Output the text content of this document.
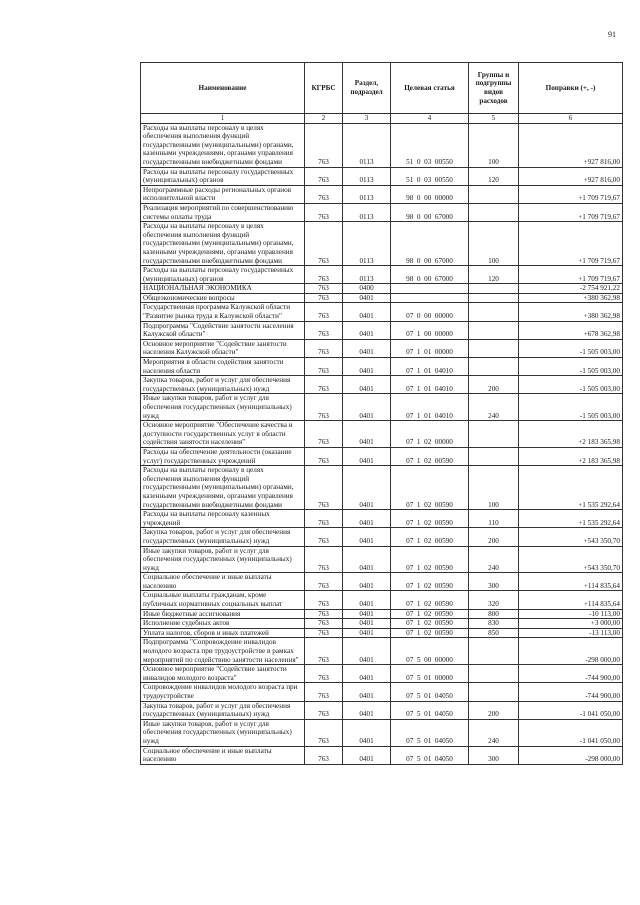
91
Наименование	КГРБС	Раздел, подраздел	Целевая статья	Группы и подгруппы видов расходов	Поправки (+, -)
1	2	3	4	5	6
Расходы на выплаты персоналу в целях обеспечения выполнения функций государственными (муниципальными) органами, казенными учреждениями, органами управления государственными внебюджетными фондами	763	0113	51  0  03  00550	100	+927 816,00
Расходы на выплаты персоналу государственных (муниципальных) органов	763	0113	51  0  03  00550	120	+927 816,00
Непрограммные расходы региональных органов исполнительной власти	763	0113	98  0  00  00000		+1 709 719,67
Реализация мероприятий по совершенствованию системы оплаты труда	763	0113	98  0  00  67000		+1 709 719,67
Расходы на выплаты персоналу в целях обеспечения выполнения функций государственными (муниципальными) органами, казенными учреждениями, органами управления государственными внебюджетными фондами	763	0113	98  0  00  67000	100	+1 709 719,67
Расходы на выплаты персоналу государственных (муниципальных) органов	763	0113	98  0  00  67000	120	+1 709 719,67
НАЦИОНАЛЬНАЯ ЭКОНОМИКА	763	0400			-2 754 921,22
Общеэкономические вопросы	763	0401			+380 362,98
Государственная программа Калужской области "Развитие рынка труда в Калужской области"	763	0401	07  0  00  00000		+380 362,98
Подпрограмма "Содействие занятости населения Калужской области"	763	0401	07  1  00  00000		+678 362,98
Основное мероприятие "Содействие занятости населения Калужской области"	763	0401	07  1  01  00000		-1 505 003,00
Мероприятия в области содействия занятости населения области	763	0401	07  1  01  04010		-1 505 003,00
Закупка товаров, работ и услуг для обеспечения государственных (муниципальных) нужд	763	0401	07  1  01  04010	200	-1 505 003,00
Иные закупки товаров, работ и услуг для обеспечения государственных (муниципальных) нужд	763	0401	07  1  01  04010	240	-1 505 003,00
Основное мероприятие "Обеспечение качества и доступности государственных услуг в области содействия занятости населения"	763	0401	07  1  02  00000		+2 183 365,98
Расходы на обеспечение деятельности (оказание услуг) государственных учреждений	763	0401	07  1  02  00590		+2 183 365,98
Расходы на выплаты персоналу в целях обеспечения выполнения функций государственными (муниципальными) органами, казенными учреждениями, органами управления государственными внебюджетными фондами	763	0401	07  1  02  00590	100	+1 535 292,64
Расходы на выплаты персоналу казенных учреждений	763	0401	07  1  02  00590	110	+1 535 292,64
Закупка товаров, работ и услуг для обеспечения государственных (муниципальных) нужд	763	0401	07  1  02  00590	200	+543 350,70
Иные закупки товаров, работ и услуг для обеспечения государственных (муниципальных) нужд	763	0401	07  1  02  00590	240	+543 350,70
Социальное обеспечение и иные выплаты населению	763	0401	07  1  02  00590	300	+114 835,64
Социальные выплаты гражданам, кроме публичных нормативных социальных выплат	763	0401	07  1  02  00590	320	+114 835,64
Иные бюджетные ассигнования	763	0401	07  1  02  00590	800	-10 113,00
Исполнение судебных актов	763	0401	07  1  02  00590	830	+3 000,00
Уплата налогов, сборов и иных платежей	763	0401	07  1  02  00590	850	-13 113,00
Подпрограмма "Сопровождение инвалидов молодого возраста при трудоустройстве в рамках мероприятий по содействию занятости населения"	763	0401	07  5  00  00000		-298 000,00
Основное мероприятие "Содействие занятости инвалидов молодого возраста"	763	0401	07  5  01  00000		-744 900,00
Сопровождение инвалидов молодого возраста при трудоустройстве	763	0401	07  5  01  04050		-744 900,00
Закупка товаров, работ и услуг для обеспечения государственных (муниципальных) нужд	763	0401	07  5  01  04050	200	-1 041 050,00
Иные закупки товаров, работ и услуг для обеспечения государственных (муниципальных) нужд	763	0401	07  5  01  04050	240	-1 041 050,00
Социальное обеспечение и иные выплаты населению	763	0401	07  5  01  04050	300	-298 000,00
